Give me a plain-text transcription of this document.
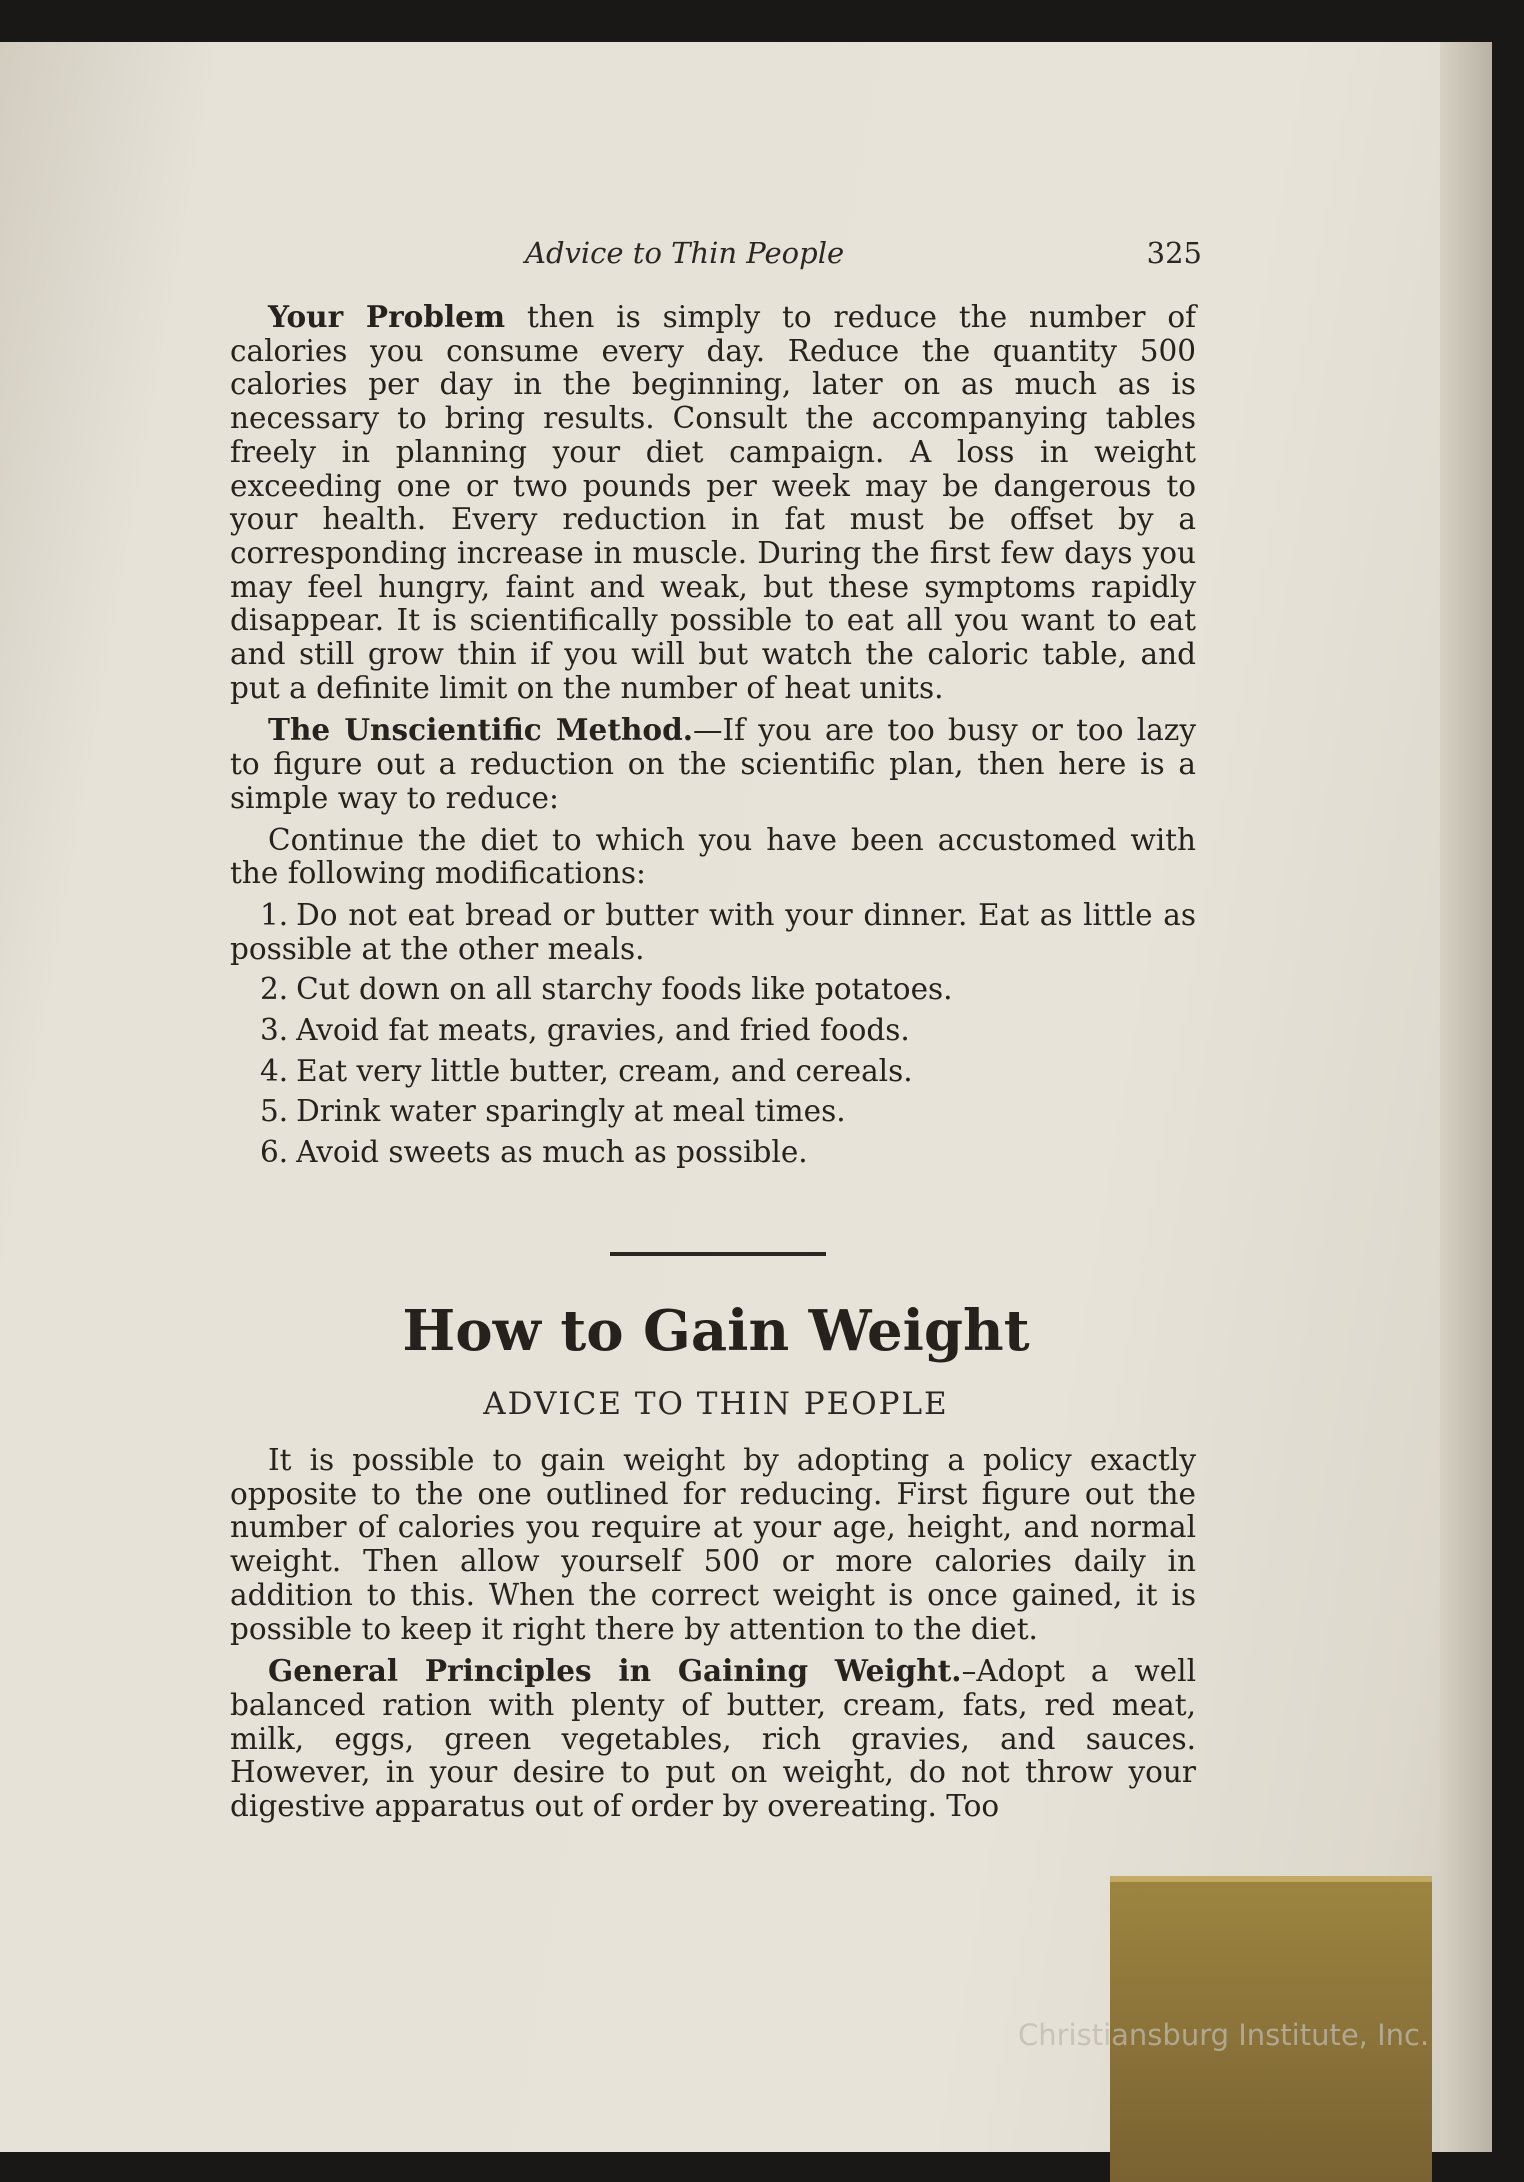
Advice to Thin People	325

Your Problem then is simply to reduce the number of calories you consume every day. Reduce the quantity 500 calories per day in the beginning, later on as much as is necessary to bring results. Consult the accompanying tables freely in planning your diet campaign. A loss in weight exceeding one or two pounds per week may be dangerous to your health. Every reduction in fat must be offset by a corresponding increase in muscle. During the first few days you may feel hungry, faint and weak, but these symptoms rapidly disappear. It is scientifically possible to eat all you want to eat and still grow thin if you will but watch the caloric table, and put a definite limit on the number of heat units.

The Unscientific Method.—If you are too busy or too lazy to figure out a reduction on the scientific plan, then here is a simple way to reduce:

Continue the diet to which you have been accustomed with the following modifications:

1. Do not eat bread or butter with your dinner. Eat as little as possible at the other meals.
2. Cut down on all starchy foods like potatoes.
3. Avoid fat meats, gravies, and fried foods.
4. Eat very little butter, cream, and cereals.
5. Drink water sparingly at meal times.
6. Avoid sweets as much as possible.
How to Gain Weight
ADVICE TO THIN PEOPLE

It is possible to gain weight by adopting a policy exactly opposite to the one outlined for reducing. First figure out the number of calories you require at your age, height, and normal weight. Then allow yourself 500 or more calories daily in addition to this. When the correct weight is once gained, it is possible to keep it right there by attention to the diet.

General Principles in Gaining Weight.–Adopt a well balanced ration with plenty of butter, cream, fats, red meat, milk, eggs, green vegetables, rich gravies, and sauces. However, in your desire to put on weight, do not throw your digestive apparatus out of order by overeating. Too

Christiansburg Institute, Inc.
